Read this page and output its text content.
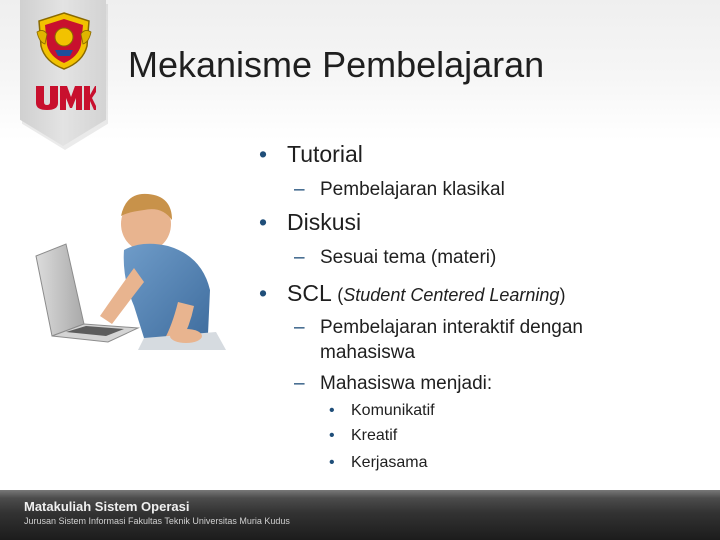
Mekanisme Pembelajaran
• Tutorial
– Pembelajaran klasikal
• Diskusi
– Sesuai tema (materi)
• SCL (Student Centered Learning)
– Pembelajaran interaktif dengan mahasiswa
– Mahasiswa menjadi:
• Komunikatif
• Kreatif
• Kerjasama

Matakuliah Sistem Operasi

Jurusan Sistem Informasi Fakultas Teknik Universitas Muria Kudus
